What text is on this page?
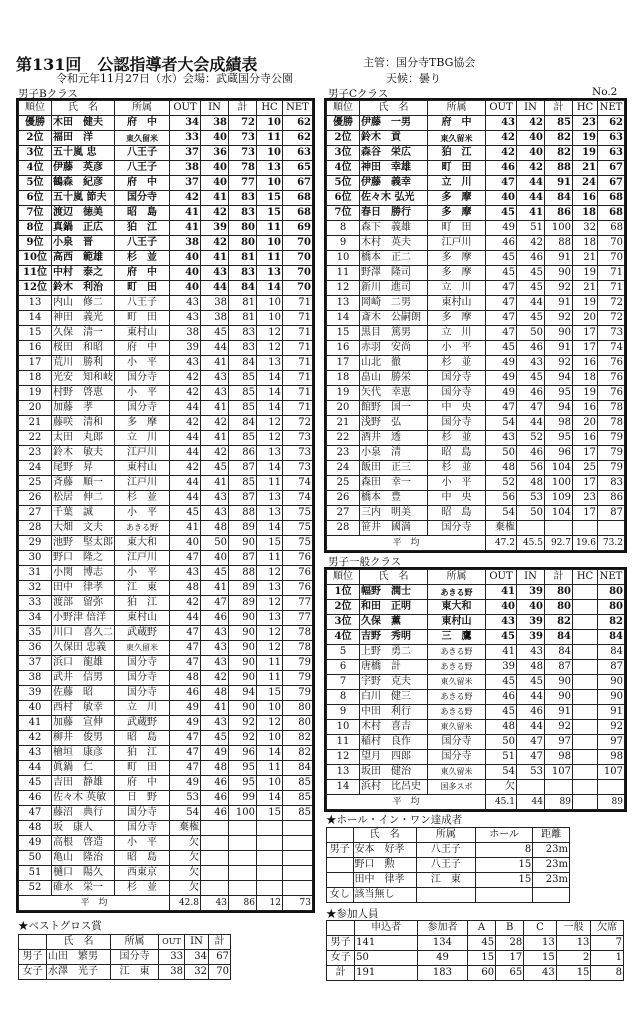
第131回　公認指導者大会成績表
令和元年11月27日（水）会場：武蔵国分寺公園
主管：国分寺TBG協会
天候：曇り
男子Bクラス	男子Cクラス	No.2
順位	氏　名	所属	OUT	IN	計	HC	NET
優勝	木田　健夫	府　中	34	38	72	10	62
2位	福田　洋	東久留米	33	40	73	11	62
3位	五十嵐 忠	八王子	37	36	73	10	63
4位	伊藤　英彦	八王子	38	40	78	13	65
5位	鶴森　紀彦	府　中	37	40	77	10	67
6位	五十嵐 節夫	国分寺	42	41	83	15	68
7位	渡辺　徳美	昭　島	41	42	83	15	68
8位	真鍋　正広	狛　江	41	39	80	11	69
9位	小泉　晋	八王子	38	42	80	10	70
10位	高西　範雄	杉　並	40	41	81	11	70
11位	中村　泰之	府　中	40	43	83	13	70
12位	鈴木　利治	町　田	40	44	84	14	70
13	内山　修二	八王子	43	38	81	10	71
14	神田　義光	町　田	43	38	81	10	71
15	久保　清一	東村山	38	45	83	12	71
16	桜田　和昭	府　中	39	44	83	12	71
17	荒川　勝利	小　平	43	41	84	13	71
18	光安　知和岐	国分寺	42	43	85	14	71
19	村野　啓恵	小　平	42	43	85	14	71
20	加藤　孝	国分寺	44	41	85	14	71
21	藤咲　清和	多　摩	42	42	84	12	72
22	太田　丸郎	立　川	44	41	85	12	73
23	鈴木　敏夫	江戸川	44	42	86	13	73
24	尾野　昇	東村山	42	45	87	14	73
25	斉藤　順一	江戸川	44	41	85	11	74
26	松居　伸二	杉　並	44	43	87	13	74
27	千葉　誠	小　平	45	43	88	13	75
28	大畑　文夫	あきる野	41	48	89	14	75
29	池野　堅太郎	東大和	40	50	90	15	75
30	野口　隆之	江戸川	47	40	87	11	76
31	小関　博志	小　平	43	45	88	12	76
32	田中　律孝	江　東	48	41	89	13	76
33	渡部　留弥	狛　江	42	47	89	12	77
34	小野津 倍洋	東村山	44	46	90	13	77
35	川口　喜久二	武蔵野	47	43	90	12	78
36	久保田 忠義	東久留米	47	43	90	12	78
37	浜口　龍雄	国分寺	47	43	90	11	79
38	武井　信男	国分寺	48	42	90	11	79
39	佐藤　昭	国分寺	46	48	94	15	79
40	西村　敏幸	立　川	49	41	90	10	80
41	加藤　宣伸	武蔵野	49	43	92	12	80
42	柳井　俊男	昭　島	47	45	92	10	82
43	檜垣　康彦	狛　江	47	49	96	14	82
44	眞鍋　仁	町　田	47	48	95	11	84
45	吉田　静雄	府　中	49	46	95	10	85
46	佐々木 英敏	日　野	53	46	99	14	85
47	藤沼　典行	国分寺	54	46	100	15	85
48	坂　康人	国分寺	棄権				
49	高根　啓造	小　平	欠				
50	亀山　隆治	昭　島	欠				
51	樋口　陽久	西東京	欠				
52	碓水　栄一	杉　並	欠				
平　均			42.8	43	86	12	73
★ベストグロス賞
	氏　名	所属	OUT	IN	計
男子	山田　繁男	国分寺	33	34	67
女子	水澤　光子	江　東	38	32	70
順位	氏　名	所属	OUT	IN	計	HC	NET
優勝	伊藤　一男	府　中	43	42	85	23	62
2位	鈴木　貢	東久留米	42	40	82	19	63
3位	森谷　栄広	狛　江	42	40	82	19	63
4位	神田　幸雄	町　田	46	42	88	21	67
5位	伊藤　義幸	立　川	47	44	91	24	67
6位	佐々木 弘光	多　摩	40	44	84	16	68
7位	春日　勝行	多　摩	45	41	86	18	68
8	森下　義雄	町　田	49	51	100	32	68
9	木村　英夫	江戸川	46	42	88	18	70
10	橋本　正二	多　摩	45	46	91	21	70
11	野澤　隆司	多　摩	45	45	90	19	71
12	新川　進司	立　川	47	45	92	21	71
13	岡崎　二男	東村山	47	44	91	19	72
14	斎木　公嗣朗	多　摩	47	45	92	20	72
15	黒目　篤男	立　川	47	50	90	17	73
16	赤羽　安尚	小　平	45	46	91	17	74
17	山北　徹	杉　並	49	43	92	16	76
18	畠山　勝栄	国分寺	49	45	94	18	76
19	矢代　幸恵	国分寺	49	46	95	19	76
20	館野　国一	中　央	47	47	94	16	78
21	浅野　弘	国分寺	54	44	98	20	78
22	酒井　透	杉　並	43	52	95	16	79
23	小泉　清	昭　島	50	46	96	17	79
24	飯田　正三	杉　並	48	56	104	25	79
25	森田　幸一	小　平	52	48	100	17	83
26	橋本　豊	中　央	56	53	109	23	86
27	三内　明美	昭　島	54	50	104	17	87
28	笹井　國満	国分寺	棄権				
平　均			47.2	45.5	92.7	19.6	73.2
男子一般クラス
順位	氏　名	所属	OUT	IN	計	HC	NET
1位	幅野　潤士	あきる野	41	39	80		80
2位	和田　正明	東大和	40	40	80		80
3位	久保　薫	東村山	43	39	82		82
4位	吉野　秀明	三　鷹	45	39	84		84
5	上野　勇二	あきる野	41	43	84		84
6	唐橋　計	あきる野	39	48	87		87
7	宇野　克夫	東久留米	45	45	90		90
8	白川　健三	あきる野	46	44	90		90
9	中田　利行	あきる野	45	46	91		91
10	木村　喜吉	東久留米	48	44	92		92
11	稲村　良作	国分寺	50	47	97		97
12	望月　四郎	国分寺	51	47	98		98
13	坂田　健治	東久留米	54	53	107		107
14	浜村　比呂史	国多スポ	欠				
平　均			45.1	44	89		89
★ホール・イン・ワン達成者
	氏　名	所属	ホール	距離
男子	安本　好孝	八王子	8	23m
	野口　勲	八王子	15	23m
	田中　律孝	江　東	15	23m
女し	該当無し			
★参加人員
	申込者	参加者	A	B	C	一般	欠席
男子	141	134	45	28	13	13	7
女子	50	49	15	17	15	2	1
計	191	183	60	65	43	15	8
